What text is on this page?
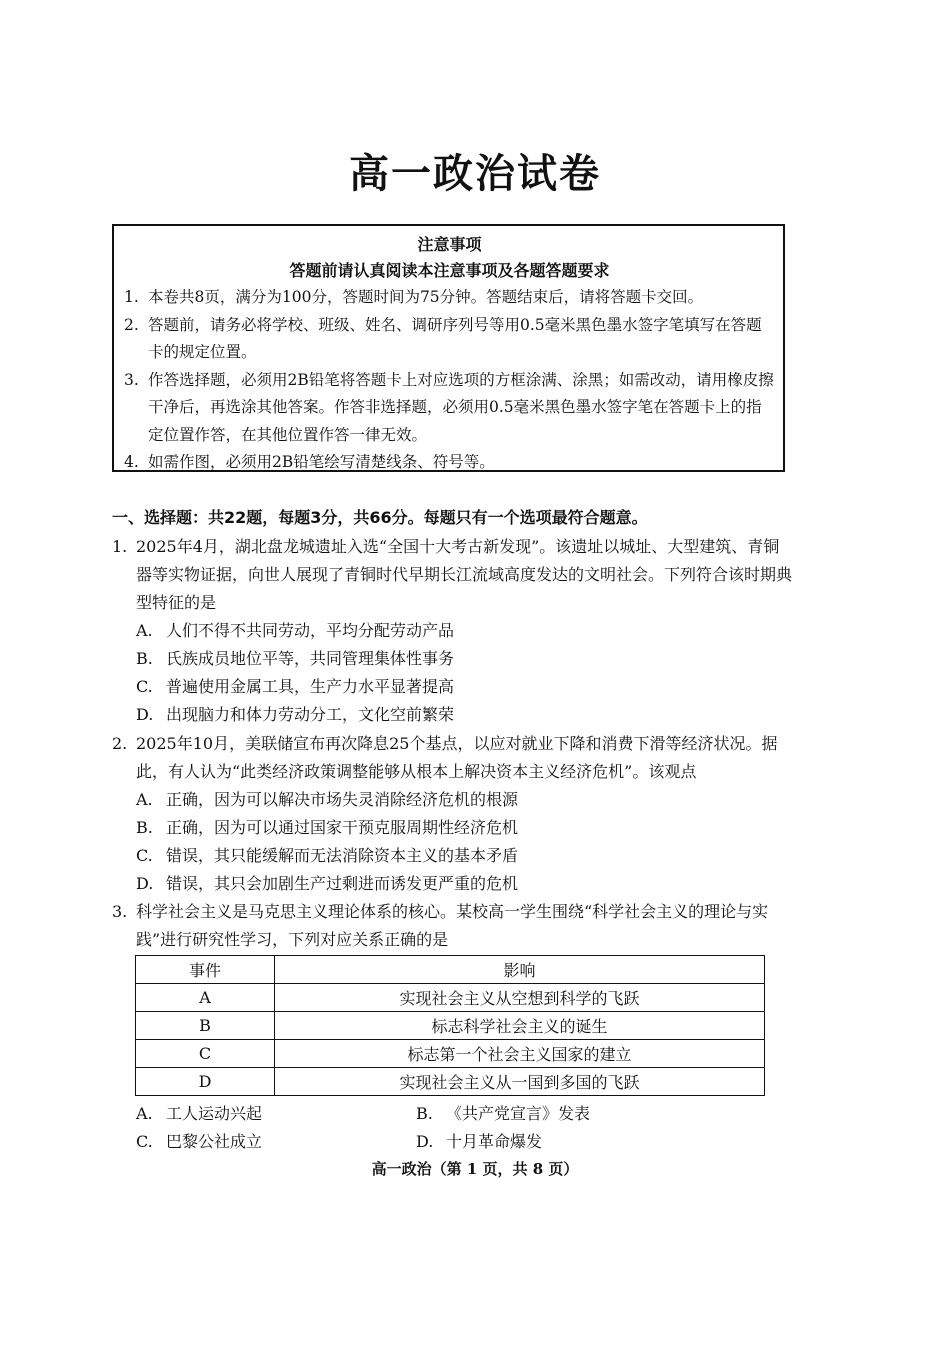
高一政治试卷
注意事项
答题前请认真阅读本注意事项及各题答题要求
1. 本卷共8页，满分为100分，答题时间为75分钟。答题结束后，请将答题卡交回。
2. 答题前，请务必将学校、班级、姓名、调研序列号等用0.5毫米黑色墨水签字笔填写在答题卡的规定位置。
3. 作答选择题，必须用2B铅笔将答题卡上对应选项的方框涂满、涂黑；如需改动，请用橡皮擦干净后，再选涂其他答案。作答非选择题，必须用0.5毫米黑色墨水签字笔在答题卡上的指定位置作答，在其他位置作答一律无效。
4. 如需作图，必须用2B铅笔绘写清楚线条、符号等。
一、选择题：共22题，每题3分，共66分。每题只有一个选项最符合题意。
1. 2025年4月，湖北盘龙城遗址入选“全国十大考古新发现”。该遗址以城址、大型建筑、青铜器等实物证据，向世人展现了青铜时代早期长江流域高度发达的文明社会。下列符合该时期典型特征的是
A. 人们不得不共同劳动，平均分配劳动产品
B. 氏族成员地位平等，共同管理集体性事务
C. 普遍使用金属工具，生产力水平显著提高
D. 出现脑力和体力劳动分工，文化空前繁荣
2. 2025年10月，美联储宣布再次降息25个基点，以应对就业下降和消费下滑等经济状况。据此，有人认为“此类经济政策调整能够从根本上解决资本主义经济危机”。该观点
A. 正确，因为可以解决市场失灵消除经济危机的根源
B. 正确，因为可以通过国家干预克服周期性经济危机
C. 错误，其只能缓解而无法消除资本主义的基本矛盾
D. 错误，其只会加剧生产过剩进而诱发更严重的危机
3. 科学社会主义是马克思主义理论体系的核心。某校高一学生围绕“科学社会主义的理论与实践”进行研究性学习，下列对应关系正确的是
事件	影响
A	实现社会主义从空想到科学的飞跃
B	标志科学社会主义的诞生
C	标志第一个社会主义国家的建立
D	实现社会主义从一国到多国的飞跃
A. 工人运动兴起	B. 《共产党宣言》发表
C. 巴黎公社成立	D. 十月革命爆发
高一政治（第 1 页，共 8 页）
